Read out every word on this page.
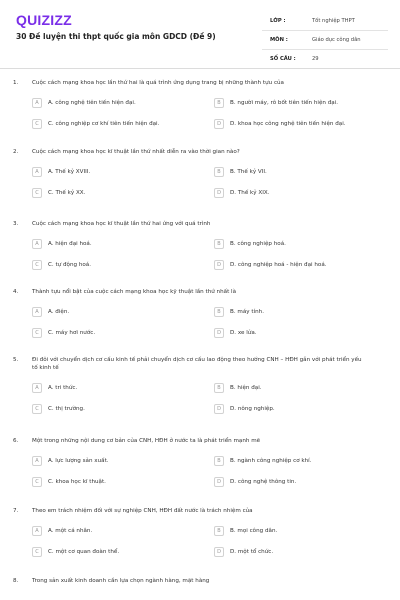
QUIZIZZ
30 Đề luyện thi thpt quốc gia môn GDCD (Đề 9)
LỚP :	Tốt nghiệp THPT
MÔN :	Giáo dục công dân
SỐ CÂU :	29
1.	Cuộc cách mạng khoa học lần thứ hai là quá trình ứng dụng trang bị những thành tựu của
A	A. công nghệ tiên tiến hiện đại.	B	B. người máy, rô bốt tiên tiến hiện đại.
C	C. công nghiệp cơ khí tiên tiến hiện đại.	D	D. khoa học công nghệ tiên tiến hiện đại.
2.	Cuộc cách mạng khoa học kĩ thuật lần thứ nhất diễn ra vào thời gian nào?
A	A. Thế kỷ XVIII.	B	B. Thế kỷ VII.
C	C. Thế kỷ XX.	D	D. Thế kỷ XIX.
3.	Cuộc cách mạng khoa học kĩ thuật lần thứ hai ứng với quá trình
A	A. hiện đại hoá.	B	B. công nghiệp hoá.
C	C. tự động hoá.	D	D. công nghiệp hoá - hiện đại hoá.
4.	Thành tựu nổi bật của cuộc cách mạng khoa học kỹ thuật lần thứ nhất là
A	A. điện.	B	B. máy tính.
C	C. máy hơi nước.	D	D. xe lửa.
5.	Đi đôi với chuyển dịch cơ cấu kinh tế phải chuyển dịch cơ cấu lao động theo hướng CNH – HĐH gắn với phát triển yếu tố kinh tế
A	A. tri thức.	B	B. hiện đại.
C	C. thị trường.	D	D. nông nghiệp.
6.	Một trong những nội dung cơ bản của CNH, HĐH ở nước ta là phát triển mạnh mẽ
A	A. lực lượng sản xuất.	B	B. ngành công nghiệp cơ khí.
C	C. khoa học kĩ thuật.	D	D. công nghệ thông tin.
7.	Theo em trách nhiệm đối với sự nghiệp CNH, HĐH đất nước là trách nhiệm của
A	A. một cá nhân.	B	B. mọi công dân.
C	C. một cơ quan đoàn thể.	D	D. một tổ chức.
8.	Trong sản xuất kinh doanh cần lựa chọn ngành hàng, mặt hàng
